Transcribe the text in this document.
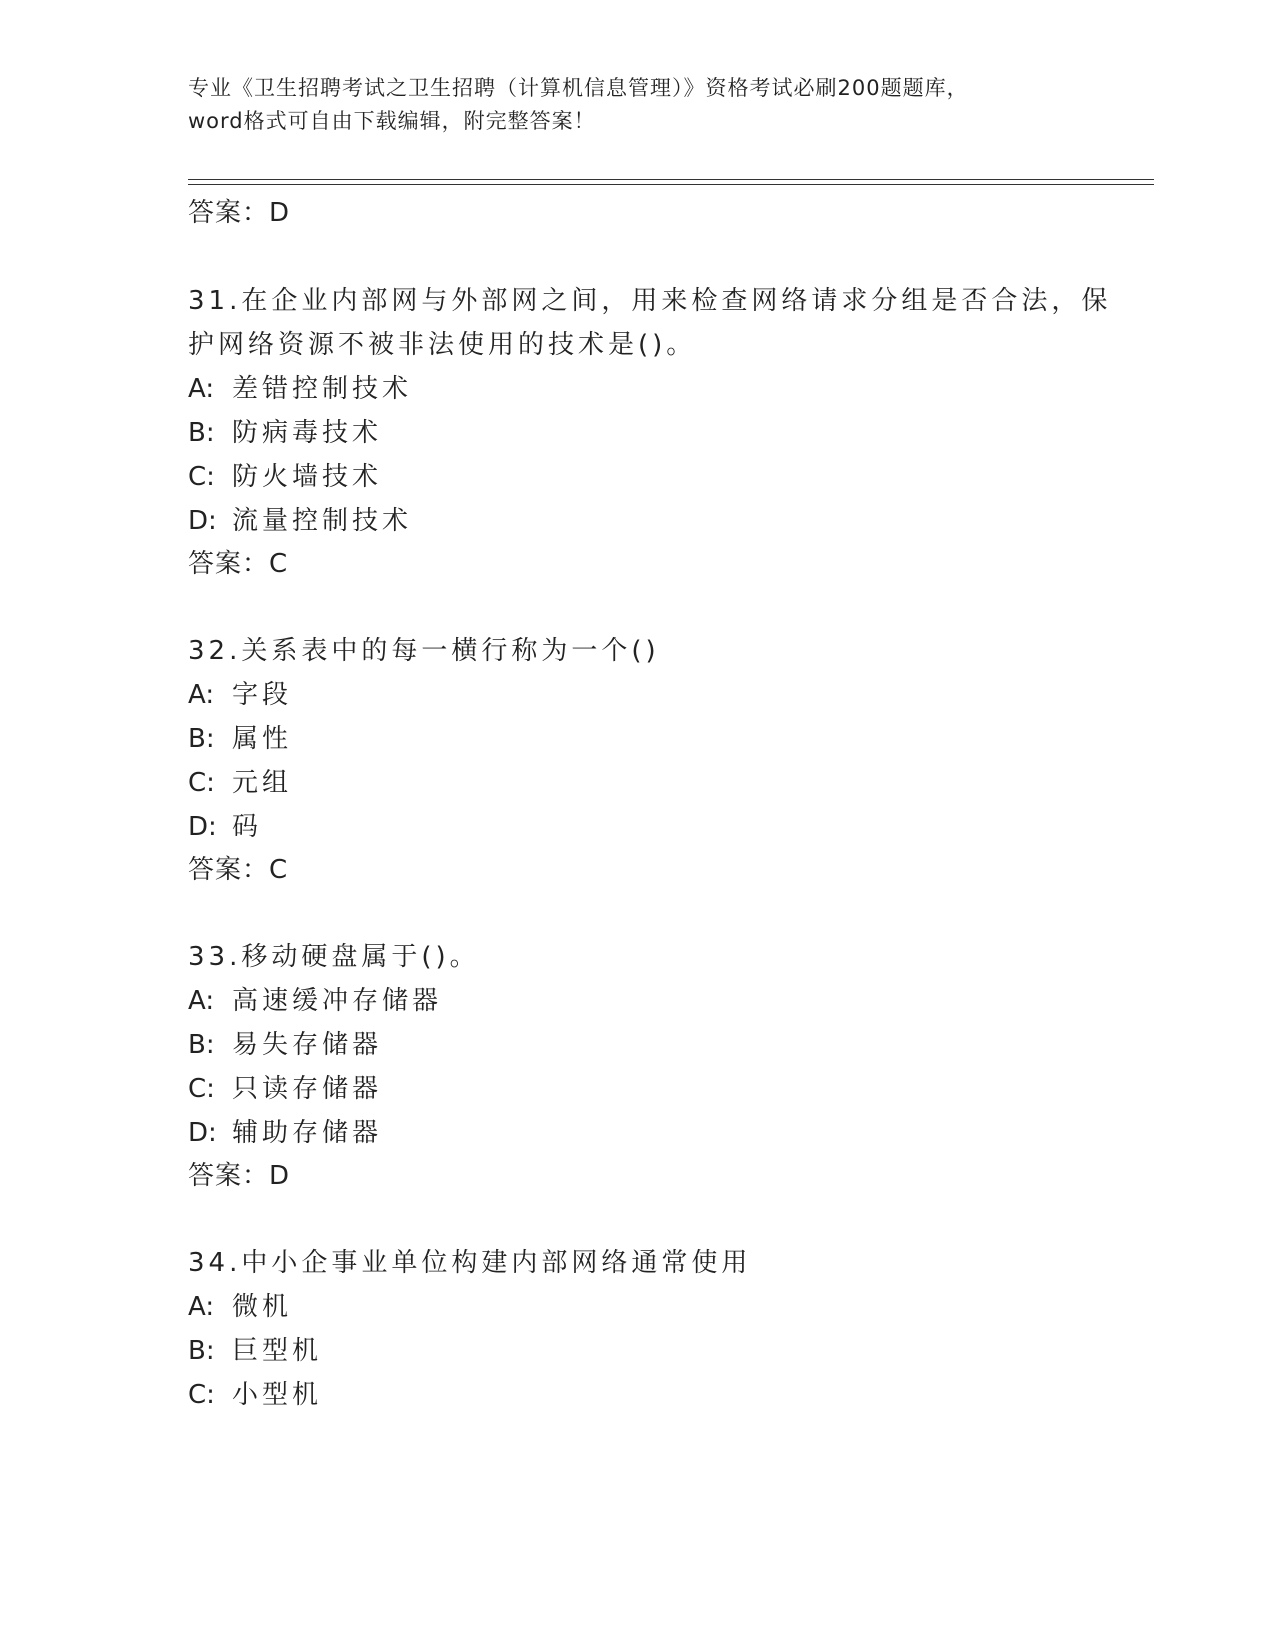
专业《卫生招聘考试之卫生招聘（计算机信息管理）》资格考试必刷200题题库，
word格式可自由下载编辑，附完整答案！
答案：D
31.在企业内部网与外部网之间，用来检查网络请求分组是否合法，保
护网络资源不被非法使用的技术是()。
A: 差错控制技术
B: 防病毒技术
C: 防火墙技术
D: 流量控制技术
答案：C
32.关系表中的每一横行称为一个()
A: 字段
B: 属性
C: 元组
D: 码
答案：C
33.移动硬盘属于()。
A: 高速缓冲存储器
B: 易失存储器
C: 只读存储器
D: 辅助存储器
答案：D
34.中小企事业单位构建内部网络通常使用
A: 微机
B: 巨型机
C: 小型机
